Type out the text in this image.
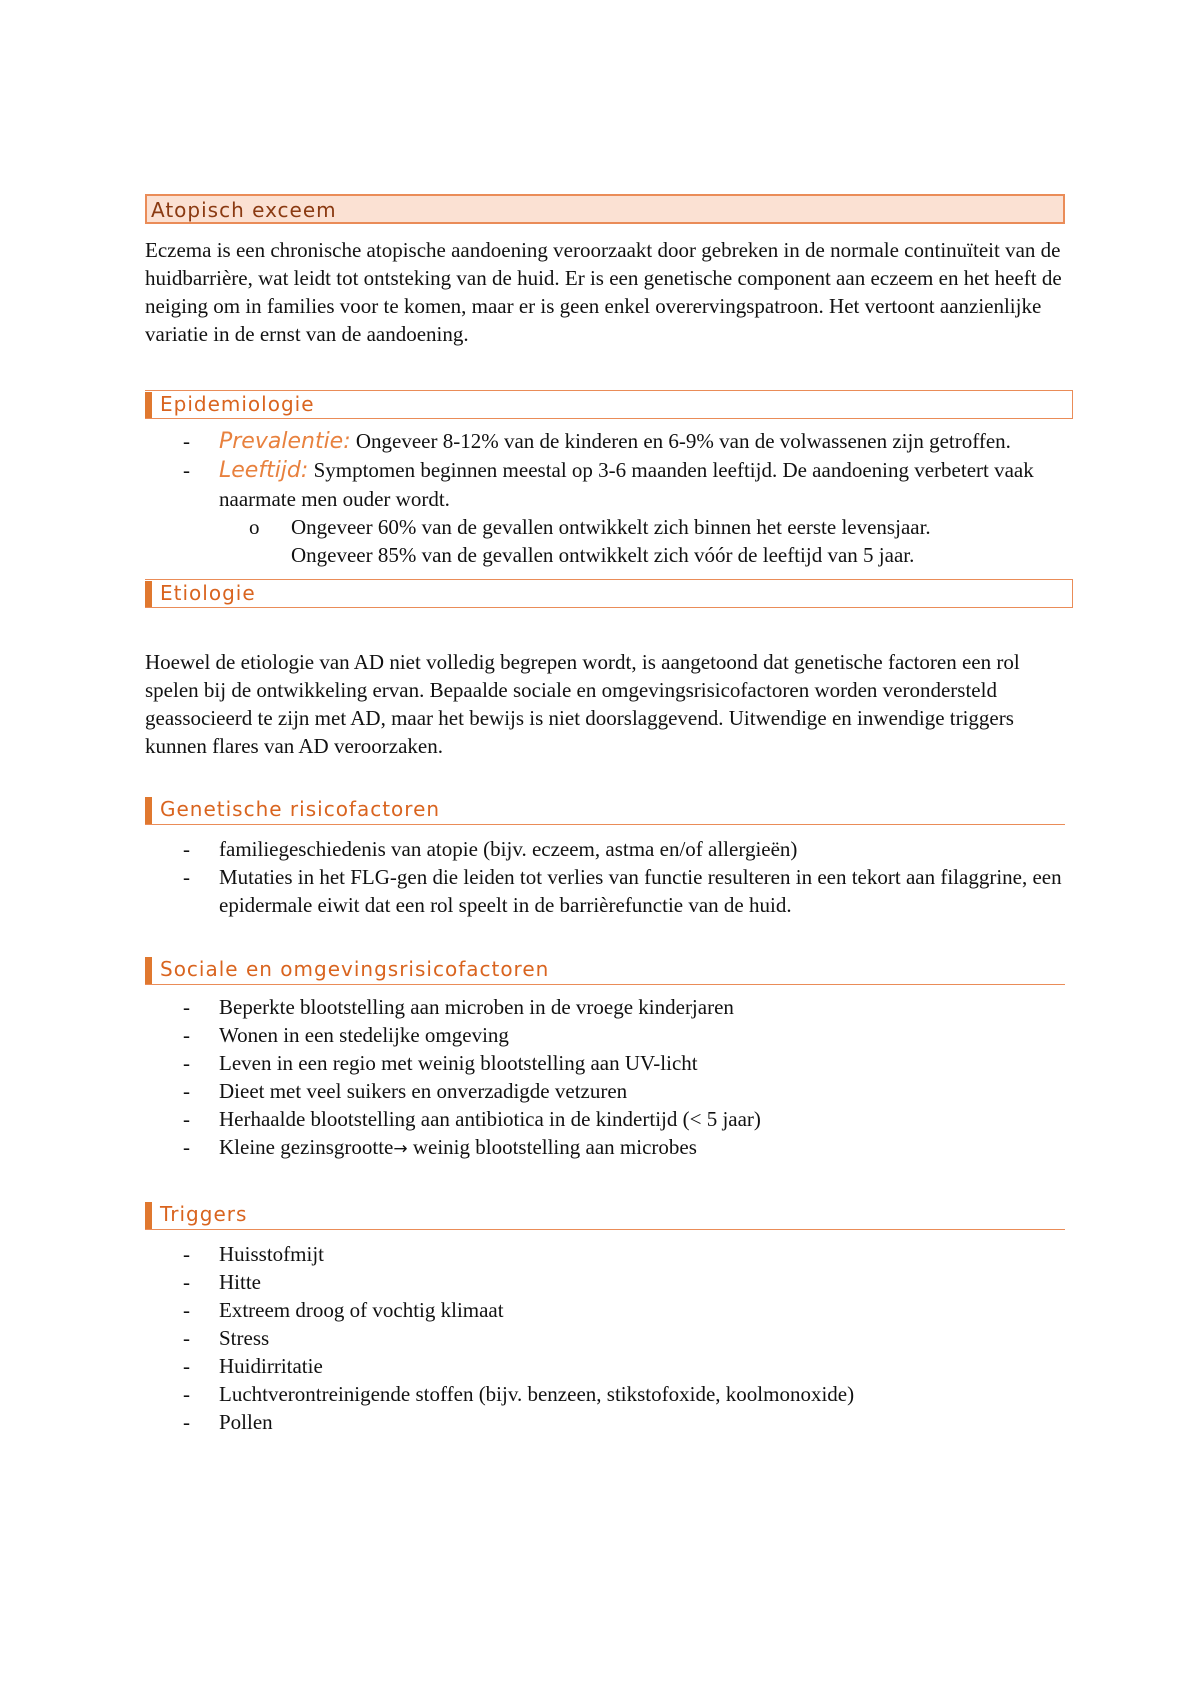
Atopisch exceem

Eczema is een chronische atopische aandoening veroorzaakt door gebreken in de normale continuïteit van de huidbarrière, wat leidt tot ontsteking van de huid. Er is een genetische component aan eczeem en het heeft de neiging om in families voor te komen, maar er is geen enkel overervingspatroon. Het vertoont aanzienlijke variatie in de ernst van de aandoening.

Epidemiologie
- Prevalentie: Ongeveer 8-12% van de kinderen en 6-9% van de volwassenen zijn getroffen.
- Leeftijd: Symptomen beginnen meestal op 3-6 maanden leeftijd. De aandoening verbetert vaak naarmate men ouder wordt.
o Ongeveer 60% van de gevallen ontwikkelt zich binnen het eerste levensjaar.
Ongeveer 85% van de gevallen ontwikkelt zich vóór de leeftijd van 5 jaar.
Etiologie

Hoewel de etiologie van AD niet volledig begrepen wordt, is aangetoond dat genetische factoren een rol spelen bij de ontwikkeling ervan. Bepaalde sociale en omgevingsrisicofactoren worden verondersteld geassocieerd te zijn met AD, maar het bewijs is niet doorslaggevend. Uitwendige en inwendige triggers kunnen flares van AD veroorzaken.

Genetische risicofactoren
- familiegeschiedenis van atopie (bijv. eczeem, astma en/of allergieën)
- Mutaties in het FLG-gen die leiden tot verlies van functie resulteren in een tekort aan filaggrine, een epidermale eiwit dat een rol speelt in de barrièrefunctie van de huid.
Sociale en omgevingsrisicofactoren
- Beperkte blootstelling aan microben in de vroege kinderjaren
- Wonen in een stedelijke omgeving
- Leven in een regio met weinig blootstelling aan UV-licht
- Dieet met veel suikers en onverzadigde vetzuren
- Herhaalde blootstelling aan antibiotica in de kindertijd (< 5 jaar)
- Kleine gezinsgrootte→ weinig blootstelling aan microbes
Triggers
- Huisstofmijt
- Hitte
- Extreem droog of vochtig klimaat
- Stress
- Huidirritatie
- Luchtverontreinigende stoffen (bijv. benzeen, stikstofoxide, koolmonoxide)
- Pollen
